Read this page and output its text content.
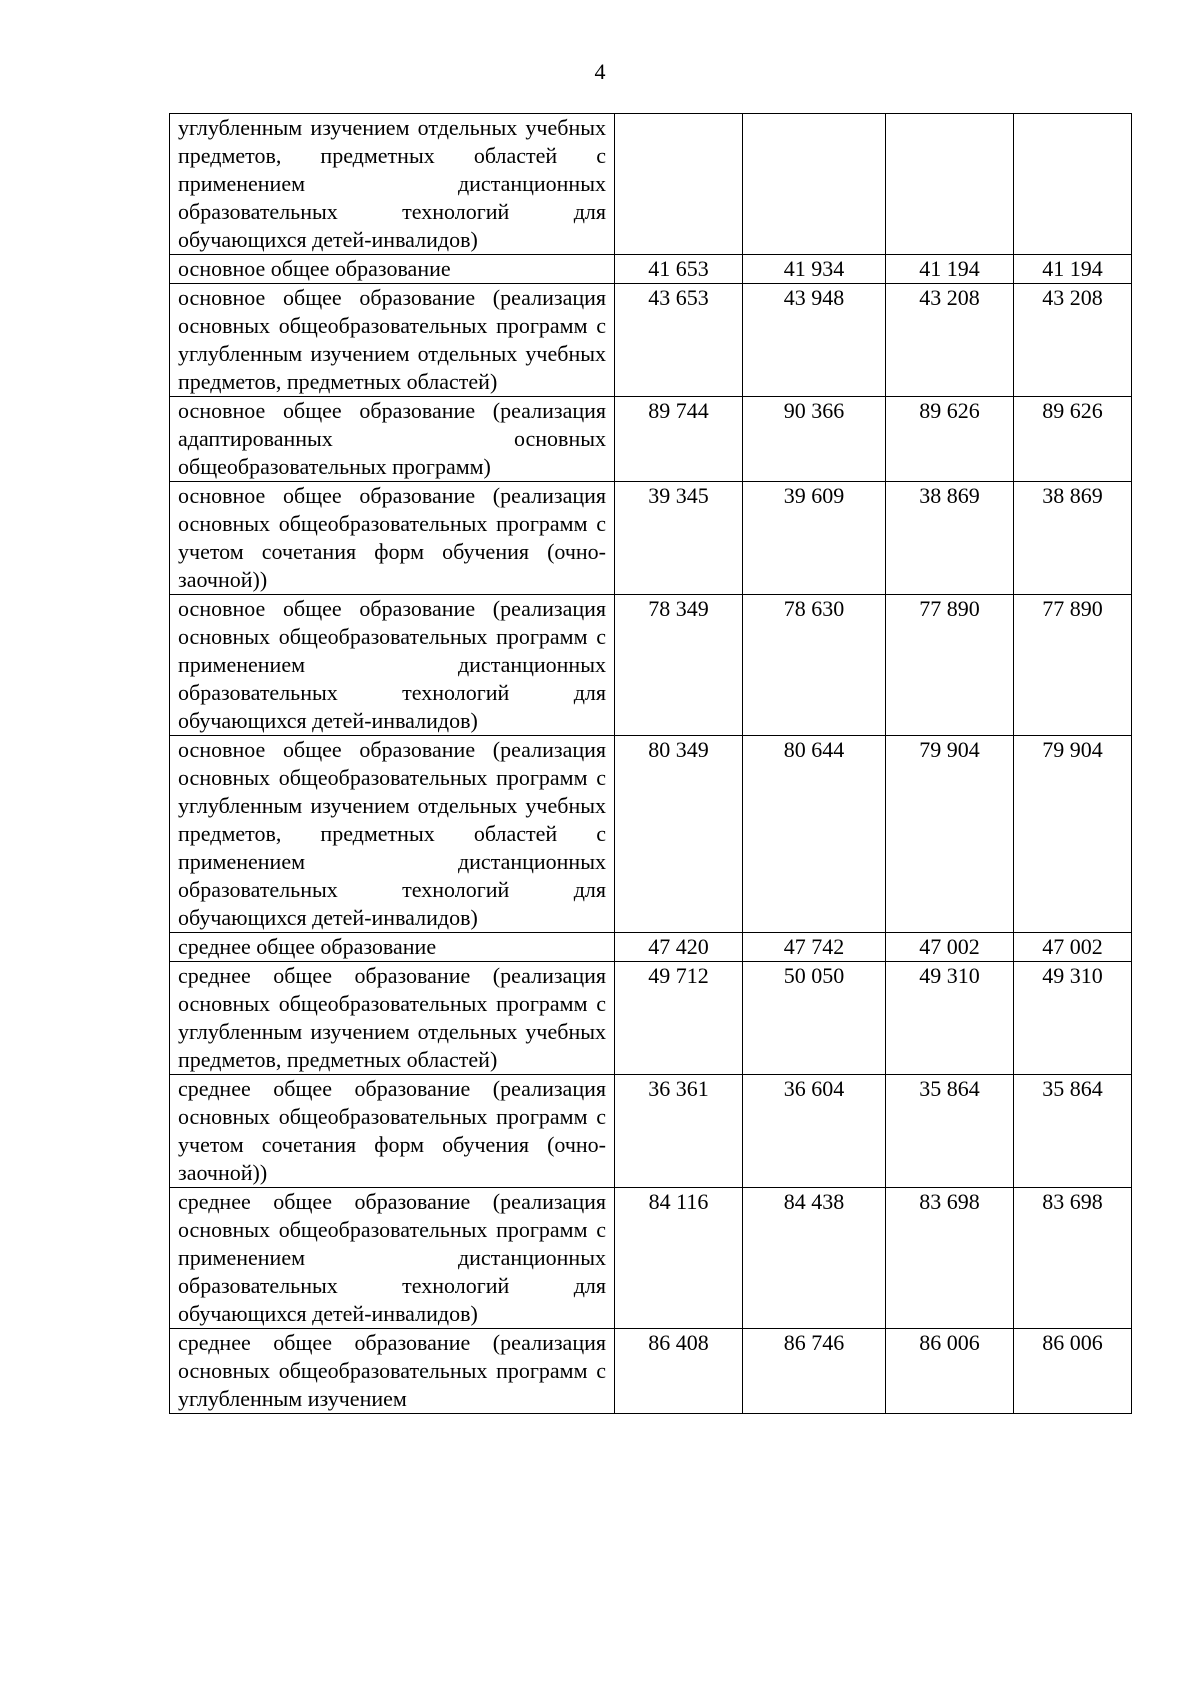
4
углубленным изучением отдельных учебных предметов, предметных областей с применением дистанционных образовательных технологий для обучающихся детей-инвалидов)				
основное общее образование	41 653	41 934	41 194	41 194
основное общее образование (реализация основных общеобразовательных программ с углубленным изучением отдельных учебных предметов, предметных областей)	43 653	43 948	43 208	43 208
основное общее образование (реализация адаптированных основных общеобразовательных программ)	89 744	90 366	89 626	89 626
основное общее образование (реализация основных общеобразовательных программ с учетом сочетания форм обучения (очно-заочной))	39 345	39 609	38 869	38 869
основное общее образование (реализация основных общеобразовательных программ с применением дистанционных образовательных технологий для обучающихся детей-инвалидов)	78 349	78 630	77 890	77 890
основное общее образование (реализация основных общеобразовательных программ с углубленным изучением отдельных учебных предметов, предметных областей с применением дистанционных образовательных технологий для обучающихся детей-инвалидов)	80 349	80 644	79 904	79 904
среднее общее образование	47 420	47 742	47 002	47 002
среднее общее образование (реализация основных общеобразовательных программ с углубленным изучением отдельных учебных предметов, предметных областей)	49 712	50 050	49 310	49 310
среднее общее образование (реализация основных общеобразовательных программ с учетом сочетания форм обучения (очно-заочной))	36 361	36 604	35 864	35 864
среднее общее образование (реализация основных общеобразовательных программ с применением дистанционных образовательных технологий для обучающихся детей-инвалидов)	84 116	84 438	83 698	83 698
среднее общее образование (реализация основных общеобразовательных программ с углубленным изучением	86 408	86 746	86 006	86 006
